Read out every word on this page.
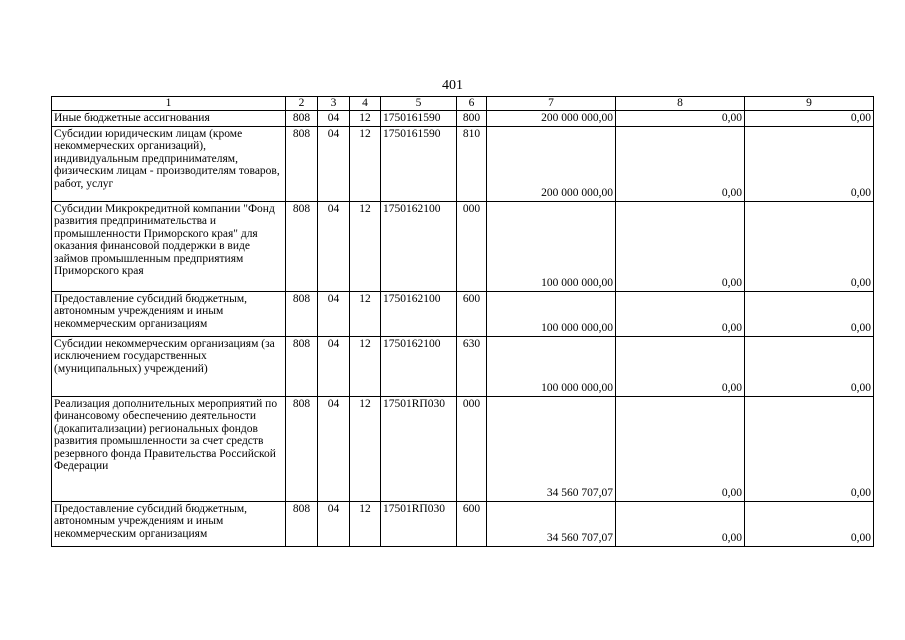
401
1	2	3	4	5	6	7	8	9
Иные бюджетные ассигнования	808	04	12	1750161590	800	200 000 000,00	0,00	0,00
Субсидии юридическим лицам (кроме некоммерческих организаций), индивидуальным предпринимателям, физическим лицам - производителям товаров, работ, услуг	808	04	12	1750161590	810	200 000 000,00	0,00	0,00
Субсидии Микрокредитной компании "Фонд развития предпринимательства и промышленности Приморского края" для оказания финансовой поддержки в виде займов промышленным предприятиям Приморского края	808	04	12	1750162100	000	100 000 000,00	0,00	0,00
Предоставление субсидий бюджетным, автономным учреждениям и иным некоммерческим организациям	808	04	12	1750162100	600	100 000 000,00	0,00	0,00
Субсидии некоммерческим организациям (за исключением государственных (муниципальных) учреждений)	808	04	12	1750162100	630	100 000 000,00	0,00	0,00
Реализация дополнительных мероприятий по финансовому обеспечению деятельности (докапитализации) региональных фондов развития промышленности за счет средств резервного фонда Правительства Российской Федерации	808	04	12	17501RП030	000	34 560 707,07	0,00	0,00
Предоставление субсидий бюджетным, автономным учреждениям и иным некоммерческим организациям	808	04	12	17501RП030	600	34 560 707,07	0,00	0,00
